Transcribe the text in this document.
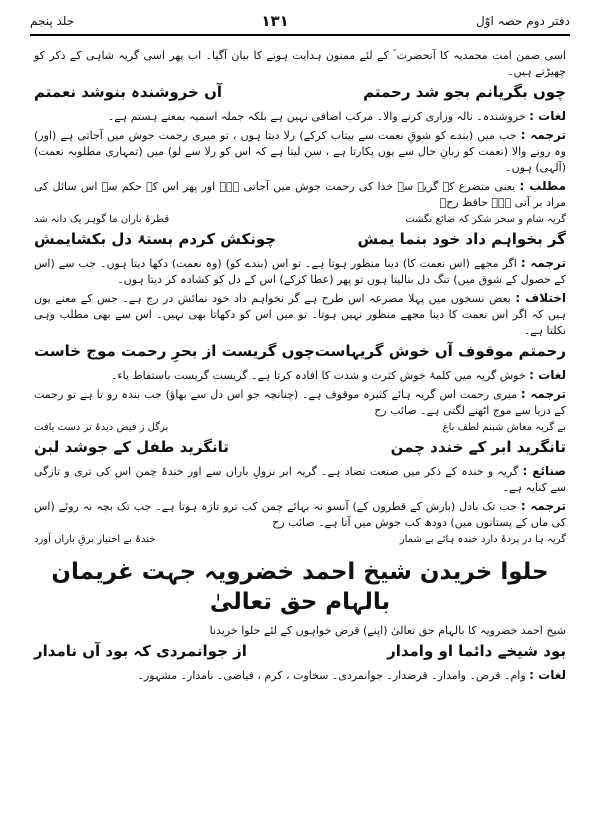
دفتر دوم حصہ اوّل
۱۳۱
جلد پنجم

اسی ضمن امت محمدیہ کا آنحضرت ؐ کے لئے ممنون ہدایت ہونے کا بیان آگیا۔ اب پھر اسی گریہ شاہی کے ذکر کو چھیڑتے ہیں۔

چوں بگریانم بجو شد رحمتم
آں خروشندہ بنوشد نعمتم

لغات : خروشندہ۔ نالہ وزاری کرنے والا۔ مرکب اضافی نہیں ہے بلکہ جملہ اسمیہ بمعنے ہستم ہے۔

ترجمہ : جب میں (بندے کو شوقِ نعمت سے بیتاب کرکے) رلا دیتا ہوں ، تو میری رحمت جوش میں آجاتی ہے (اور) وہ رونے والا (نعمت کو زبانِ حال سے یوں پکارتا ہے ، سن لیتا ہے کہ اس کو رلا سے لو) میں (تمہاری مطلوبہ نعمت) (آلہی) ہوں۔

مطلب : یعنی متضرع کے گریہ سے خدا کی رحمت جوش میں آجاتی ہے۔ اور پھر اس کے حکم سے اس سائل کی مراد بر آتی ہے۔ حافظ رحؒ

گریہ شام و سحر شکر کہ ضائع نگشت
قطرۂ باران ما گوہر یک دانہ شد
گر بخواہم داد خود بنما یمش
چونکش کردم بستۂ دل بکشایمش

ترجمہ : اگر مجھے (اس نعمت کا) دینا منظور ہوتا ہے۔ تو اس (بندے کو) (وہ نعمت) دکھا دیتا ہوں۔ جب سے (اس کے حصول کے شوق میں) تنگ دل بنالیتا ہوں تو پھر (عطا کرکے) اس کے دل کو کشادہ کر دیتا ہوں۔

اختلاف : بعض نسخوں میں پہلا مصرعہ اس طرح ہے گر نخواہم داد خود نمائش در رج ہے۔ جس کے معنے یوں ہیں کہ اگر اس نعمت کا دینا مجھے منظور نہیں ہوتا۔ تو میں اس کو دکھاتا بھی نہیں۔ اس سے بھی مطلب وہی نکلتا ہے۔

رحمتم موقوف آں خوش گریہاست
چوں گریست از بحرِ رحمت موج خاست

لغات : خوش گریہ میں کلمۂ خوش کثرت و شدت کا افادہ کرتا ہے۔ گریست گریست باستفاط یاء۔

ترجمہ : میری رحمت اس گریہ ہائے کثیرہ موقوف ہے۔ (چنانچہ جو اس دل سے بھاؤ) جب بندہ رو تا ہے تو رحمت کے دریا سے موج اٹھنے لگتی ہے۔ صائب رح

بے گریہ معاش شبنم لطف باغ
برگل ز فیض دیدۂ تر دست یافت
تانگرید ابر کے خندد چمن
تانگرید طفل کے جوشد لبن

صنائع : گریہ و خندہ کے ذکر میں صنعت تضاد ہے۔ گریہ ابر نزولِ باراں سے اور خندۂ چمن اس کی تری و تازگی سے کنایہ ہے۔

ترجمہ : جب تک بادل (بارش کے قطروں کے) آنسو نہ بہائے چمن کب ترو تازہ ہوتا ہے۔ جب تک بچہ نہ روئے (اس کی ماں کے پستانوں میں) دودھ کب جوش میں آتا ہے۔ صائب رح

گریہ ہا در پردۂ دارد خندہ ہائے بے شمار
خندۂ بے اختیار برقِ باراں آورد
حلوا خریدن شیخ احمد خضرویہ جہت غریمان بالہام حق تعالیٰ

شیخ احمد خضرویہ کا بالہام حق تعالیٰ (اپنے) قرض خواہوں کے لئے حلوا خریدنا

بود شیخے دائما او وامدار
از جوانمردی کہ بود آں نامدار

لغات : وام۔ قرض۔ وامدار۔ قرضدار۔ جوانمردی۔ سخاوت ، کرم ، فیاضی۔ نامدار۔ مشہور۔
